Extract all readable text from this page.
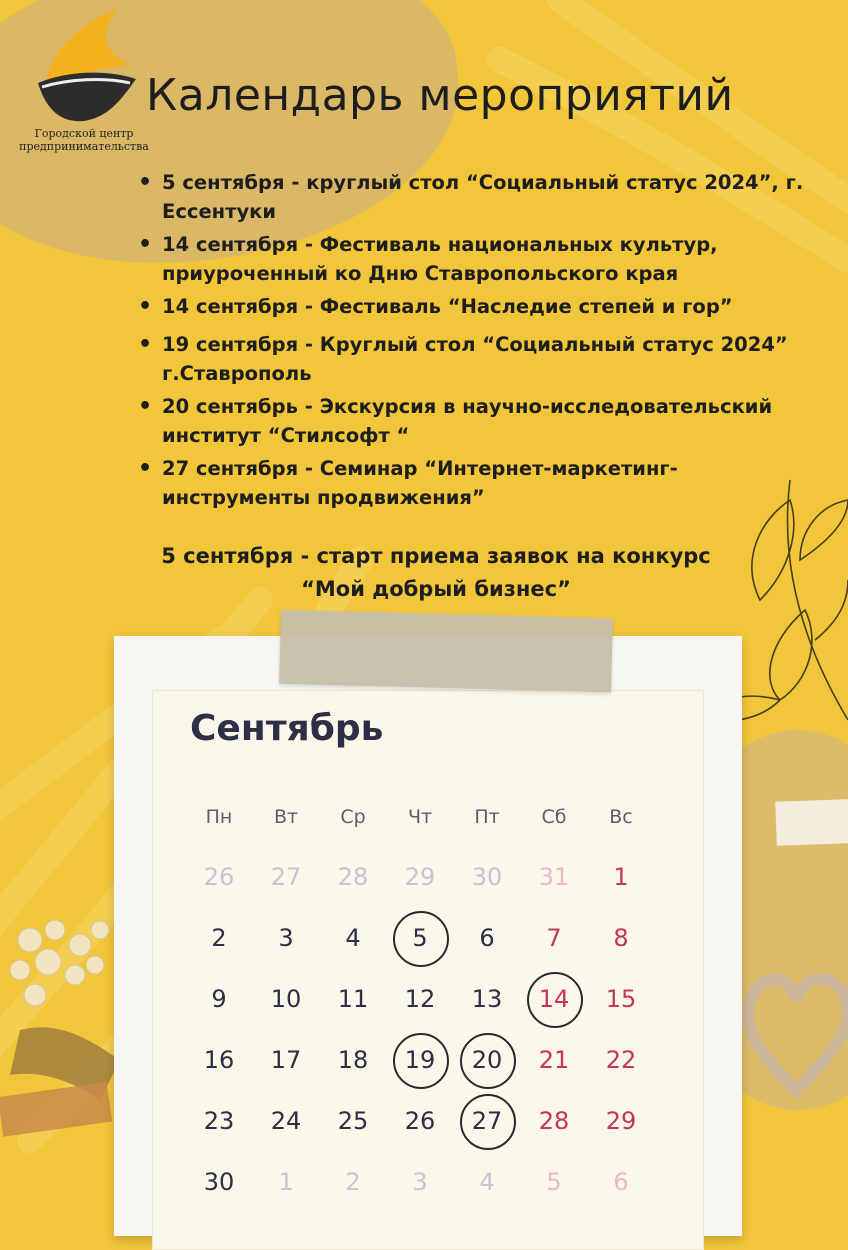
Городской центр
предпринимательства
Календарь мероприятий
• 5 сентября - круглый стол “Социальный статус 2024”, г. Ессентуки
• 14 сентября - Фестиваль национальных культур, приуроченный ко Дню Ставропольского края
• 14 сентября - Фестиваль “Наследие степей и гор”
• 19 сентября - Круглый стол “Социальный статус 2024” г.Ставрополь
• 20 сентябрь - Экскурсия в научно-исследовательский институт “Стилсофт “
• 27 сентября - Семинар “Интернет-маркетинг- инструменты продвижения”
5 сентября - старт приема заявок на конкурс
“Мой добрый бизнес”
Сентябрь
Пн	Вт	Ср	Чт	Пт	Сб	Вс
26	27	28	29	30	31	1
2	3	4	5	6	7	8
9	10	11	12	13	14	15
16	17	18	19	20	21	22
23	24	25	26	27	28	29
30	1	2	3	4	5	6
